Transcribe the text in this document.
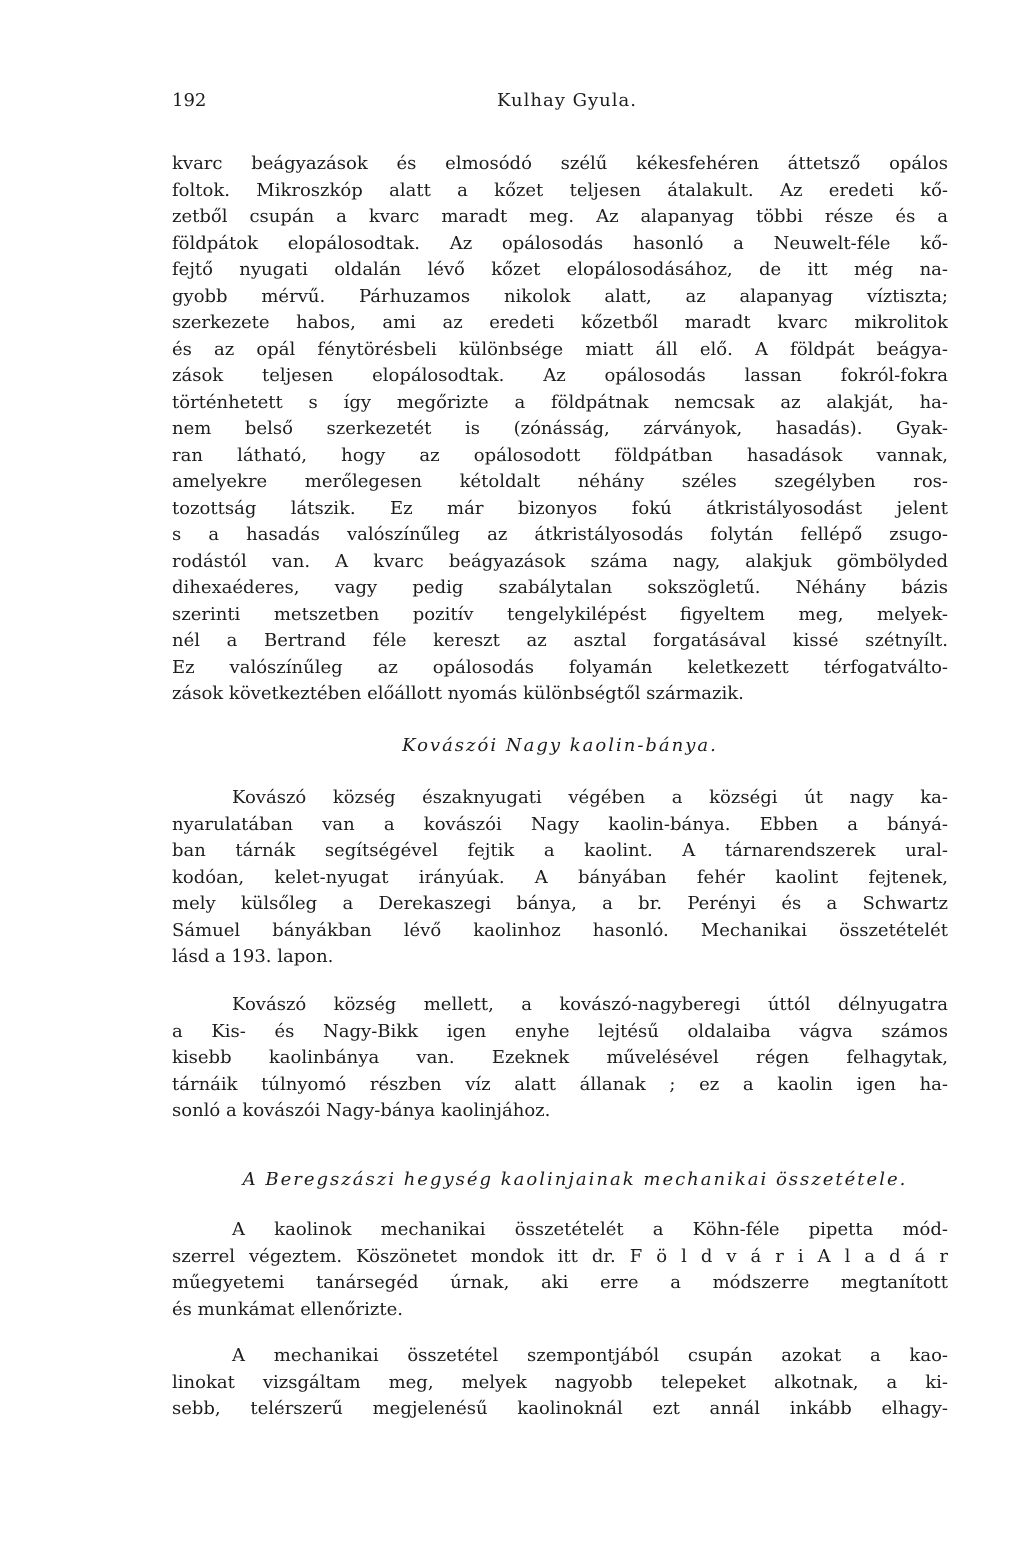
192	Kulhay Gyula.
kvarc beágyazások és elmosódó szélű kékesfehéren áttetsző opálos
foltok. Mikroszkóp alatt a kőzet teljesen átalakult. Az eredeti kő-
zetből csupán a kvarc maradt meg. Az alapanyag többi része és a
földpátok elopálosodtak. Az opálosodás hasonló a Neuwelt-féle kő-
fejtő nyugati oldalán lévő kőzet elopálosodásához, de itt még na-
gyobb mérvű. Párhuzamos nikolok alatt, az alapanyag víztiszta;
szerkezete habos, ami az eredeti kőzetből maradt kvarc mikrolitok
és az opál fénytörésbeli különbsége miatt áll elő. A földpát beágya-
zások teljesen elopálosodtak. Az opálosodás lassan fokról-fokra
történhetett s így megőrizte a földpátnak nemcsak az alakját, ha-
nem belső szerkezetét is (zónásság, zárványok, hasadás). Gyak-
ran látható, hogy az opálosodott földpátban hasadások vannak,
amelyekre merőlegesen kétoldalt néhány széles szegélyben ros-
tozottság látszik. Ez már bizonyos fokú átkristályosodást jelent
s a hasadás valószínűleg az átkristályosodás folytán fellépő zsugo-
rodástól van. A kvarc beágyazások száma nagy, alakjuk gömbölyded
dihexaéderes, vagy pedig szabálytalan sokszögletű. Néhány bázis
szerinti metszetben pozitív tengelykilépést figyeltem meg, melyek-
nél a Bertrand féle kereszt az asztal forgatásával kissé szétnyílt.
Ez valószínűleg az opálosodás folyamán keletkezett térfogatválto-
zások következtében előállott nyomás különbségtől származik.
Kovászói Nagy kaolin-bánya.
Kovászó község északnyugati végében a községi út nagy ka-
nyarulatában van a kovászói Nagy kaolin-bánya. Ebben a bányá-
ban tárnák segítségével fejtik a kaolint. A tárnarendszerek ural-
kodóan, kelet-nyugat irányúak. A bányában fehér kaolint fejtenek,
mely külsőleg a Derekaszegi bánya, a br. Perényi és a Schwartz
Sámuel bányákban lévő kaolinhoz hasonló. Mechanikai összetételét
lásd a 193. lapon.
Kovászó község mellett, a kovászó-nagyberegi úttól délnyugatra
a Kis- és Nagy-Bikk igen enyhe lejtésű oldalaiba vágva számos
kisebb kaolinbánya van. Ezeknek művelésével régen felhagytak,
tárnáik túlnyomó részben víz alatt állanak ; ez a kaolin igen ha-
sonló a kovászói Nagy-bánya kaolinjához.
A Beregszászi hegység kaolinjainak mechanikai összetétele.
A kaolinok mechanikai összetételét a Köhn-féle pipetta mód-
szerrel végeztem. Köszönetet mondok itt dr. F ö l d v á r i A l a d á r
műegyetemi tanársegéd úrnak, aki erre a módszerre megtanított
és munkámat ellenőrizte.
A mechanikai összetétel szempontjából csupán azokat a kao-
linokat vizsgáltam meg, melyek nagyobb telepeket alkotnak, a ki-
sebb, telérszerű megjelenésű kaolinoknál ezt annál inkább elhagy-
